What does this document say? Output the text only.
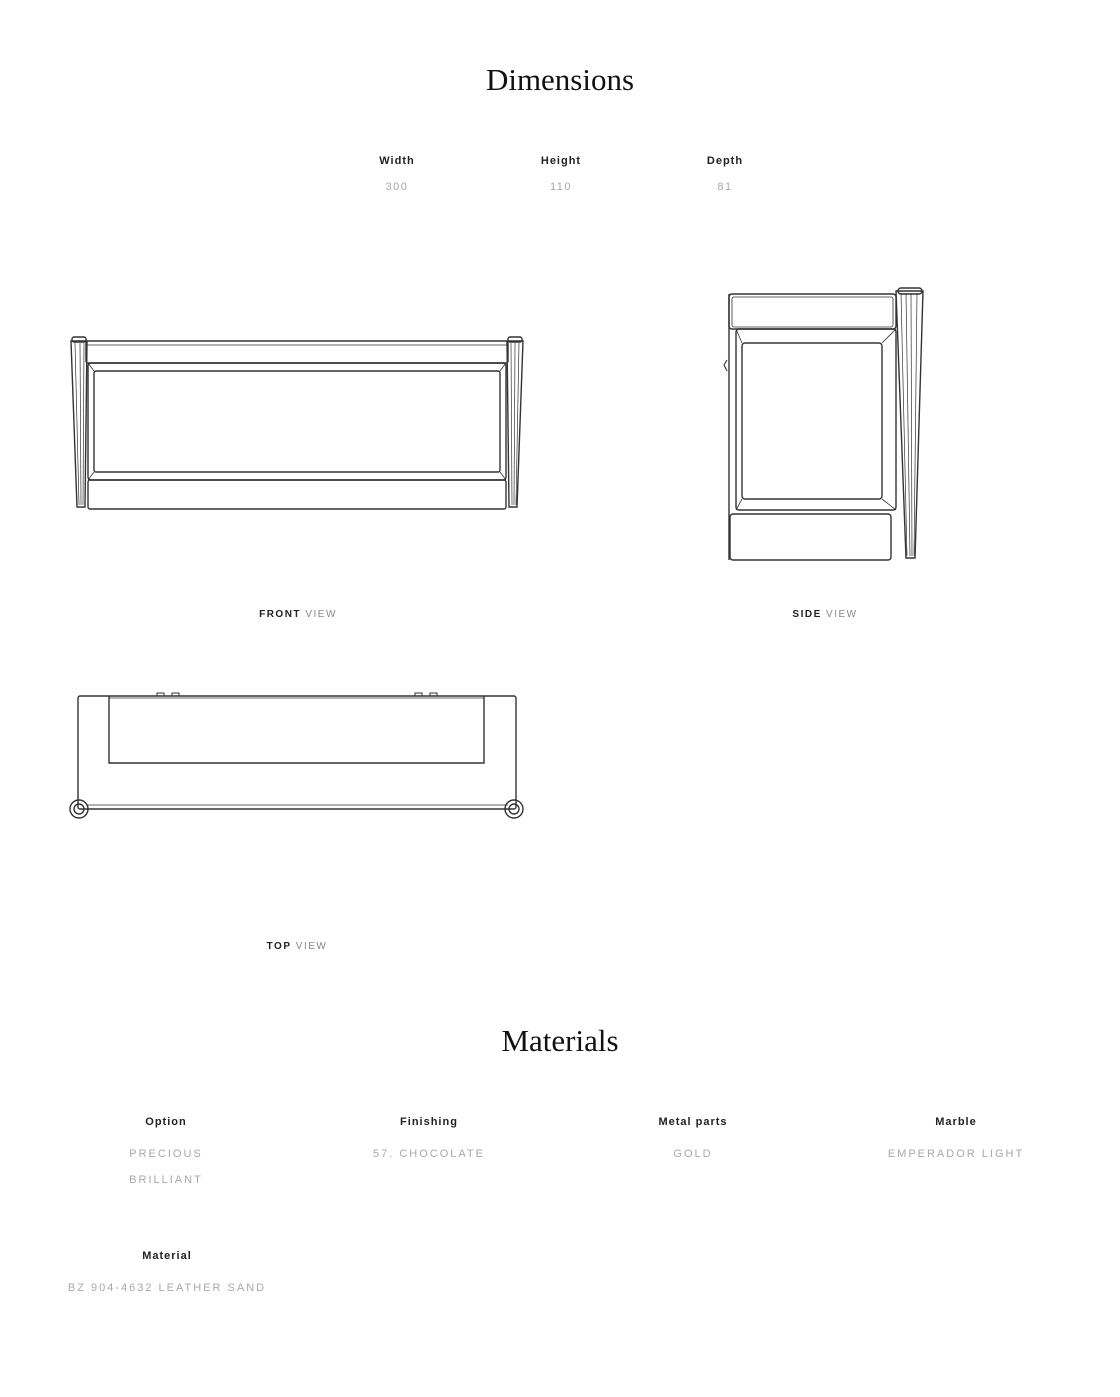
Dimensions
Width
300
Height
110
Depth
81
FRONT VIEW	SIDE VIEW
TOP VIEW
Materials
Option
PRECIOUS BRILLIANT
Finishing
57. CHOCOLATE
Metal parts
GOLD
Marble
EMPERADOR LIGHT
Material
BZ 904-4632 LEATHER SAND
